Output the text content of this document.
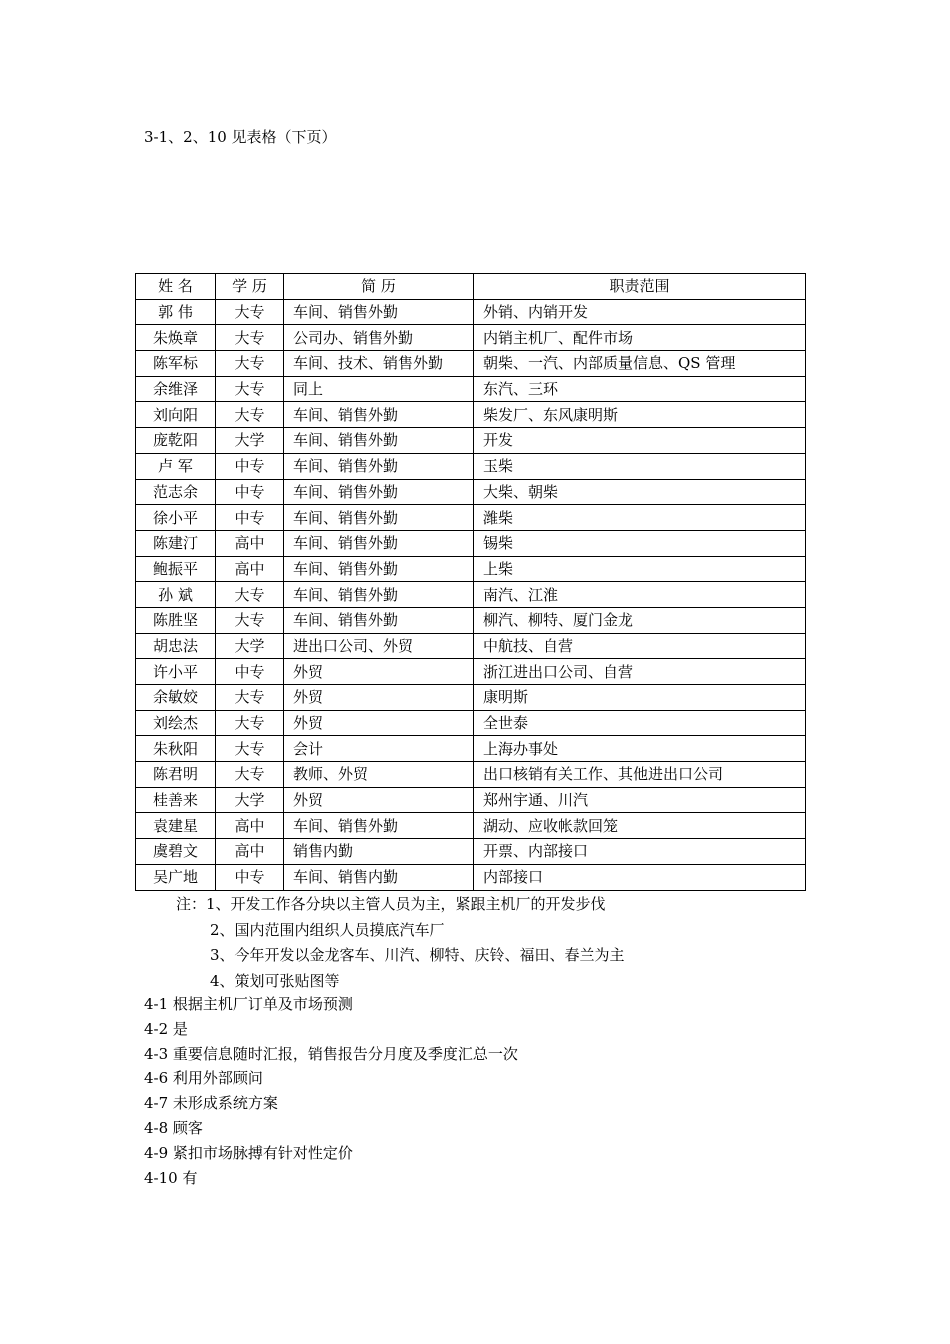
3-1、2、10 见表格（下页）
姓 名	学 历	简 历	职责范围
郭 伟	大专	车间、销售外勤	外销、内销开发
朱焕章	大专	公司办、销售外勤	内销主机厂、配件市场
陈军标	大专	车间、技术、销售外勤	朝柴、一汽、内部质量信息、QS 管理
余维泽	大专	同上	东汽、三环
刘向阳	大专	车间、销售外勤	柴发厂、东风康明斯
庞乾阳	大学	车间、销售外勤	开发
卢 军	中专	车间、销售外勤	玉柴
范志余	中专	车间、销售外勤	大柴、朝柴
徐小平	中专	车间、销售外勤	潍柴
陈建汀	高中	车间、销售外勤	锡柴
鲍振平	高中	车间、销售外勤	上柴
孙 斌	大专	车间、销售外勤	南汽、江淮
陈胜坚	大专	车间、销售外勤	柳汽、柳特、厦门金龙
胡忠法	大学	进出口公司、外贸	中航技、自营
许小平	中专	外贸	浙江进出口公司、自营
余敏姣	大专	外贸	康明斯
刘绘杰	大专	外贸	全世泰
朱秋阳	大专	会计	上海办事处
陈君明	大专	教师、外贸	出口核销有关工作、其他进出口公司
桂善来	大学	外贸	郑州宇通、川汽
袁建星	高中	车间、销售外勤	湖动、应收帐款回笼
虞碧文	高中	销售内勤	开票、内部接口
吴广地	中专	车间、销售内勤	内部接口
注：1、开发工作各分块以主管人员为主，紧跟主机厂的开发步伐
2、国内范围内组织人员摸底汽车厂
3、今年开发以金龙客车、川汽、柳特、庆铃、福田、春兰为主
4、策划可张贴图等
4-1 根据主机厂订单及市场预测
4-2 是
4-3 重要信息随时汇报，销售报告分月度及季度汇总一次
4-6 利用外部顾问
4-7 未形成系统方案
4-8 顾客
4-9 紧扣市场脉搏有针对性定价
4-10 有
